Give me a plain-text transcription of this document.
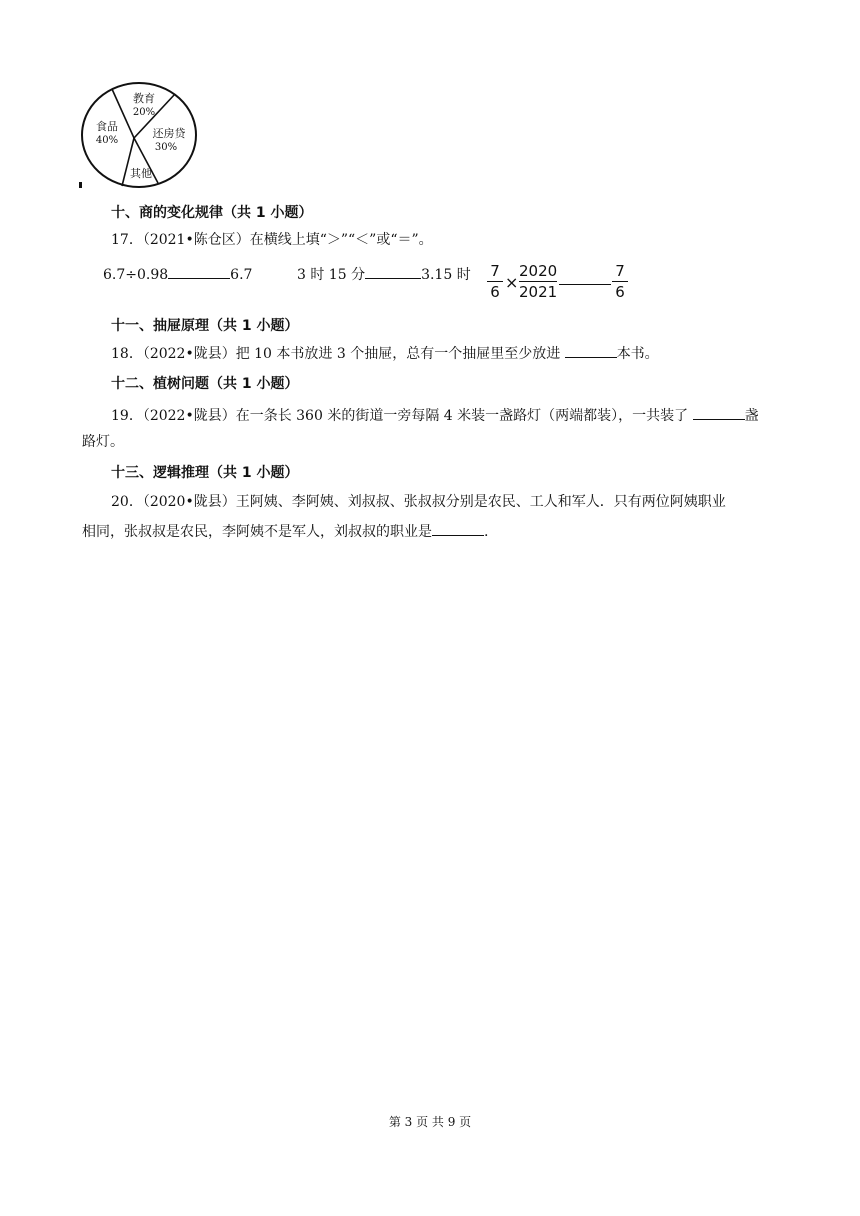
教育
20%
还房贷
30%
其他
食品
40%
十、商的变化规律（共 1 小题）
17．（2021•陈仓区）在横线上填“＞”“＜”或“＝”。
6.7÷0.98	6.7	3 时 15 分	3.15 时 7
6 ×
2020
2021
7
6
十一、抽屉原理（共 1 小题）
18．（2022•陇县）把 10 本书放进 3 个抽屉，总有一个抽屉里至少放进	本书。
十二、植树问题（共 1 小题）
19．（2022•陇县）在一条长 360 米的街道一旁每隔 4 米装一盏路灯（两端都装），一共装了	盏
路灯。
十三、逻辑推理（共 1 小题）
20．（2020•陇县）王阿姨、李阿姨、刘叔叔、张叔叔分别是农民、工人和军人．只有两位阿姨职业
相同，张叔叔是农民，李阿姨不是军人，刘叔叔的职业是	.
第 3 页 共 9 页
